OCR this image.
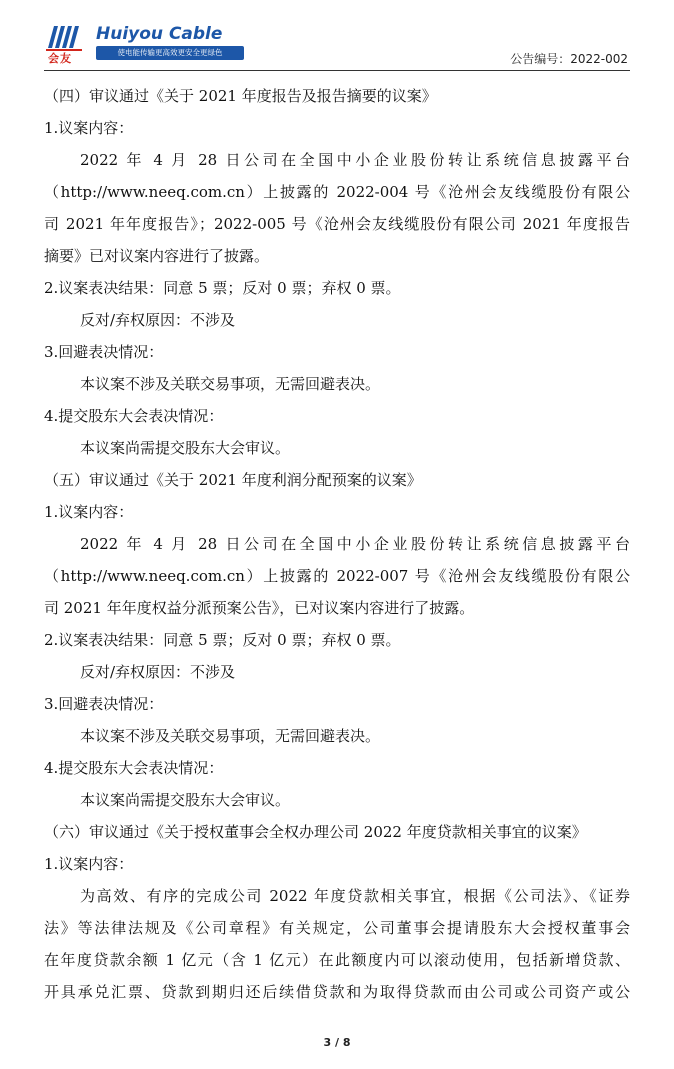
会友
Huiyou Cable
使电能传输更高效更安全更绿色	公告编号：2022-002
（四）审议通过《关于 2021 年度报告及报告摘要的议案》
1.议案内容：
2022 年 4 月 28 日公司在全国中小企业股份转让系统信息披露平台
（http://www.neeq.com.cn）上披露的 2022-004 号《沧州会友线缆股份有限公
司 2021 年年度报告》；2022-005 号《沧州会友线缆股份有限公司 2021 年度报告
摘要》已对议案内容进行了披露。
2.议案表决结果：同意 5 票；反对 0 票；弃权 0 票。
反对/弃权原因：不涉及
3.回避表决情况：
本议案不涉及关联交易事项，无需回避表决。
4.提交股东大会表决情况：
本议案尚需提交股东大会审议。
（五）审议通过《关于 2021 年度利润分配预案的议案》
1.议案内容：
2022 年 4 月 28 日公司在全国中小企业股份转让系统信息披露平台
（http://www.neeq.com.cn）上披露的 2022-007 号《沧州会友线缆股份有限公
司 2021 年年度权益分派预案公告》，已对议案内容进行了披露。
2.议案表决结果：同意 5 票；反对 0 票；弃权 0 票。
反对/弃权原因：不涉及
3.回避表决情况：
本议案不涉及关联交易事项，无需回避表决。
4.提交股东大会表决情况：
本议案尚需提交股东大会审议。
（六）审议通过《关于授权董事会全权办理公司 2022 年度贷款相关事宜的议案》
1.议案内容：
为高效、有序的完成公司 2022 年度贷款相关事宜，根据《公司法》、《证券
法》等法律法规及《公司章程》有关规定，公司董事会提请股东大会授权董事会
在年度贷款余额 1 亿元（含 1 亿元）在此额度内可以滚动使用，包括新增贷款、
开具承兑汇票、贷款到期归还后续借贷款和为取得贷款而由公司或公司资产或公
3 / 8
